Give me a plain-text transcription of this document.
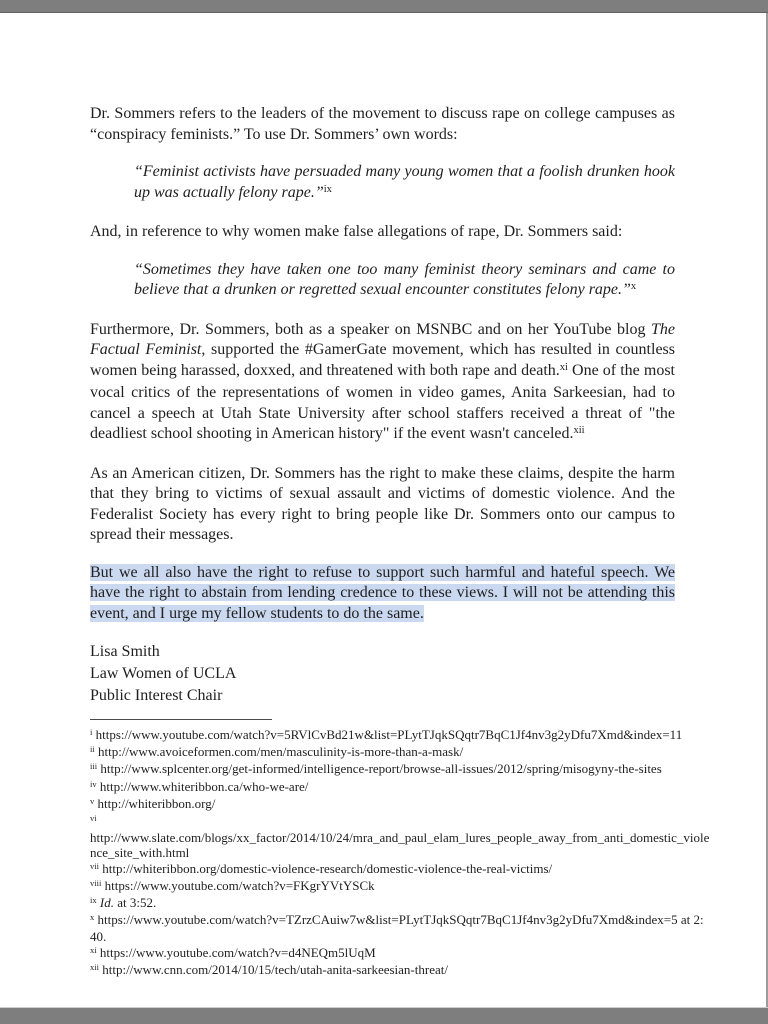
Dr. Sommers refers to the leaders of the movement to discuss rape on college campuses as “conspiracy feminists.” To use Dr. Sommers’ own words:

“Feminist activists have persuaded many young women that a foolish drunken hook up was actually felony rape.”$^{ix}$

And, in reference to why women make false allegations of rape, Dr. Sommers said:

“Sometimes they have taken one too many feminist theory seminars and came to believe that a drunken or regretted sexual encounter constitutes felony rape.”$^x$

Furthermore, Dr. Sommers, both as a speaker on MSNBC and on her YouTube blog The Factual Feminist, supported the #GamerGate movement, which has resulted in countless women being harassed, doxxed, and threatened with both rape and death.$^{xi}$ One of the most vocal critics of the representations of women in video games, Anita Sarkeesian, had to cancel a speech at Utah State University after school staffers received a threat of "the deadliest school shooting in American history" if the event wasn't canceled.$^{xii}$

As an American citizen, Dr. Sommers has the right to make these claims, despite the harm that they bring to victims of sexual assault and victims of domestic violence. And the Federalist Society has every right to bring people like Dr. Sommers onto our campus to spread their messages.

But we all also have the right to refuse to support such harmful and hateful speech. We have the right to abstain from lending credence to these views. I will not be attending this event, and I urge my fellow students to do the same.

Lisa Smith
Law Women of UCLA
Public Interest Chair
$^i$ https://www.youtube.com/watch?v=5RVlCvBd21w&list=PLytTJqkSQqtr7BqC1Jf4nv3g2yDfu7Xmd&index=11
$^{ii}$ http://www.avoiceformen.com/men/masculinity-is-more-than-a-mask/
$^{iii}$ http://www.splcenter.org/get-informed/intelligence-report/browse-all-issues/2012/spring/misogyny-the-sites
$^{iv}$ http://www.whiteribbon.ca/who-we-are/
$^v$ http://whiteribbon.org/
$^{vi}$
http://www.slate.com/blogs/xx_factor/2014/10/24/mra_and_paul_elam_lures_people_away_from_anti_domestic_violence_site_with.html
$^{vii}$ http://whiteribbon.org/domestic-violence-research/domestic-violence-the-real-victims/
$^{viii}$ https://www.youtube.com/watch?v=FKgrYVtYSCk
$^{ix}$ Id. at 3:52.
$^x$ https://www.youtube.com/watch?v=TZrzCAuiw7w&list=PLytTJqkSQqtr7BqC1Jf4nv3g2yDfu7Xmd&index=5 at 2:40.
$^{xi}$ https://www.youtube.com/watch?v=d4NEQm5lUqM
$^{xii}$ http://www.cnn.com/2014/10/15/tech/utah-anita-sarkeesian-threat/
